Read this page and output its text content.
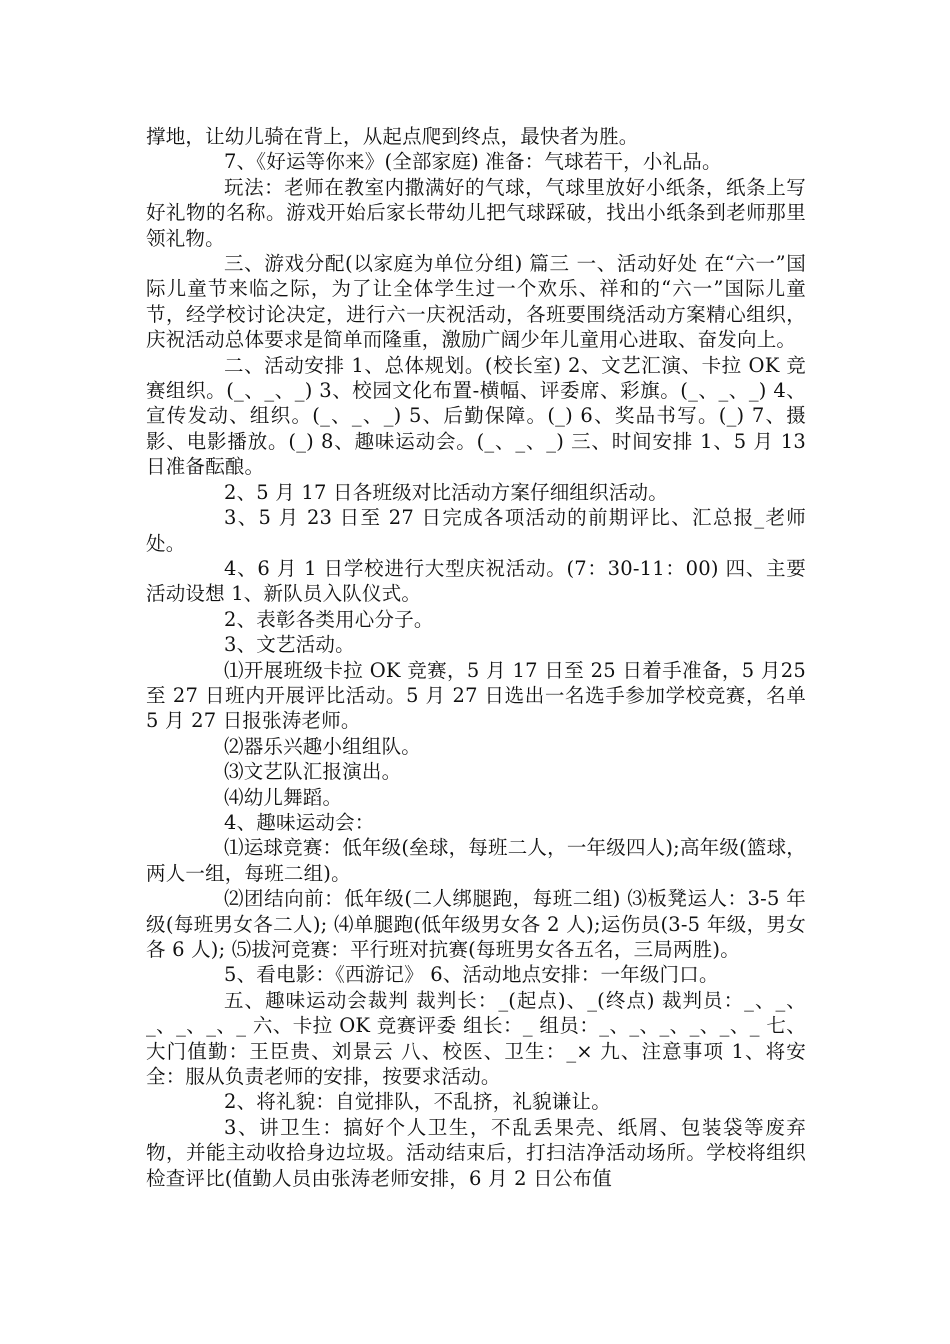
撑地，让幼儿骑在背上，从起点爬到终点，最快者为胜。

7、《好运等你来》(全部家庭) 准备：气球若干，小礼品。

玩法：老师在教室内撒满好的气球，气球里放好小纸条，纸条上写好礼物的名称。游戏开始后家长带幼儿把气球踩破，找出小纸条到老师那里领礼物。

三、游戏分配(以家庭为单位分组) 篇三 一、活动好处 在“六一”国际儿童节来临之际，为了让全体学生过一个欢乐、祥和的“六一”国际儿童节，经学校讨论决定，进行六一庆祝活动，各班要围绕活动方案精心组织，庆祝活动总体要求是简单而隆重，激励广阔少年儿童用心进取、奋发向上。

二、活动安排 1、总体规划。(校长室) 2、文艺汇演、卡拉 OK 竞赛组织。(_、_、_) 3、校园文化布置-横幅、评委席、彩旗。(_、_、_) 4、宣传发动、组织。(_、_、_) 5、后勤保障。(_) 6、奖品书写。(_) 7、摄影、电影播放。(_) 8、趣味运动会。(_、_、_) 三、时间安排 1、5 月 13 日准备酝酿。

2、5 月 17 日各班级对比活动方案仔细组织活动。

3、5 月 23 日至 27 日完成各项活动的前期评比、汇总报_老师处。

4、6 月 1 日学校进行大型庆祝活动。(7：30-11：00) 四、主要活动设想 1、新队员入队仪式。

2、表彰各类用心分子。

3、文艺活动。

⑴开展班级卡拉 OK 竞赛，5 月 17 日至 25 日着手准备，5 月25 至 27 日班内开展评比活动。5 月 27 日选出一名选手参加学校竞赛，名单 5 月 27 日报张涛老师。

⑵器乐兴趣小组组队。

⑶文艺队汇报演出。

⑷幼儿舞蹈。

4、趣味运动会：

⑴运球竞赛：低年级(垒球，每班二人，一年级四人);高年级(篮球，两人一组，每班二组)。

⑵团结向前：低年级(二人绑腿跑，每班二组) ⑶板凳运人：3-5 年级(每班男女各二人); ⑷单腿跑(低年级男女各 2 人);运伤员(3-5 年级，男女各 6 人); ⑸拔河竞赛：平行班对抗赛(每班男女各五名，三局两胜)。

5、看电影：《西游记》 6、活动地点安排：一年级门口。

五、趣味运动会裁判 裁判长：_(起点)、_(终点) 裁判员：_、_、_、_、_、_ 六、卡拉 OK 竞赛评委 组长：_ 组员：_、_、_、_、_、_ 七、大门值勤：王臣贵、刘景云 八、校医、卫生：_× 九、注意事项 1、将安全：服从负责老师的安排，按要求活动。

2、将礼貌：自觉排队，不乱挤，礼貌谦让。

3、讲卫生：搞好个人卫生，不乱丢果壳、纸屑、包装袋等废弃物，并能主动收拾身边垃圾。活动结束后，打扫洁净活动场所。学校将组织检查评比(值勤人员由张涛老师安排，6 月 2 日公布值
